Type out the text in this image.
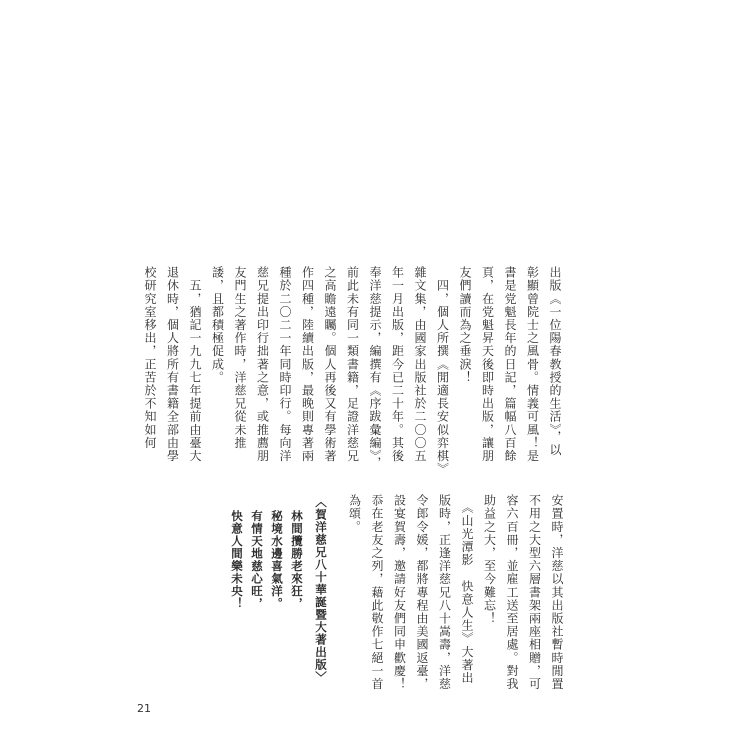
出版《一位陽春教授的生活》，以
彰顯曾院士之風骨。情義可風！是
書是党魁長年的日記，篇幅八百餘
頁，在党魁昇天後即時出版，讓朋
友們讀而為之垂淚！
　四，個人所撰《閒適長安似弈棋》
雜文集，由國家出版社於二〇〇五
年一月出版，距今已二十年。其後
奉洋慈提示，編撰有《序跋彙編》，
前此未有同一類書籍，足證洋慈兄
之高瞻遠矚。個人再後又有學術著
作四種，陸續出版，最晚則專著兩
種於二〇二一年同時印行。每向洋
慈兄提出印行拙著之意，或推薦朋
友門生之著作時，洋慈兄從未推
諉，且都積極促成。
　五，猶記一九九七年提前由臺大
退休時，個人將所有書籍全部由學
校研究室移出，正苦於不知如何
安置時，洋慈以其出版社暫時閒置
不用之大型六層書架兩座相贈，可
容六百冊，並雇工送至居處。對我
助益之大，至今難忘！
　《山光潭影　快意人生》大著出
版時，正逢洋慈兄八十嵩壽，洋慈
令郎令媛，都將專程由美國返臺，
設宴賀壽，邀請好友們同申歡慶！
忝在老友之列，藉此敬作七絕一首
為頌。
〈賀洋慈兄八十華誕暨大著出版〉
林間攬勝老來狂，
秘境水邊喜氣洋。
有情天地慈心旺，
快意人間樂未央！
21
